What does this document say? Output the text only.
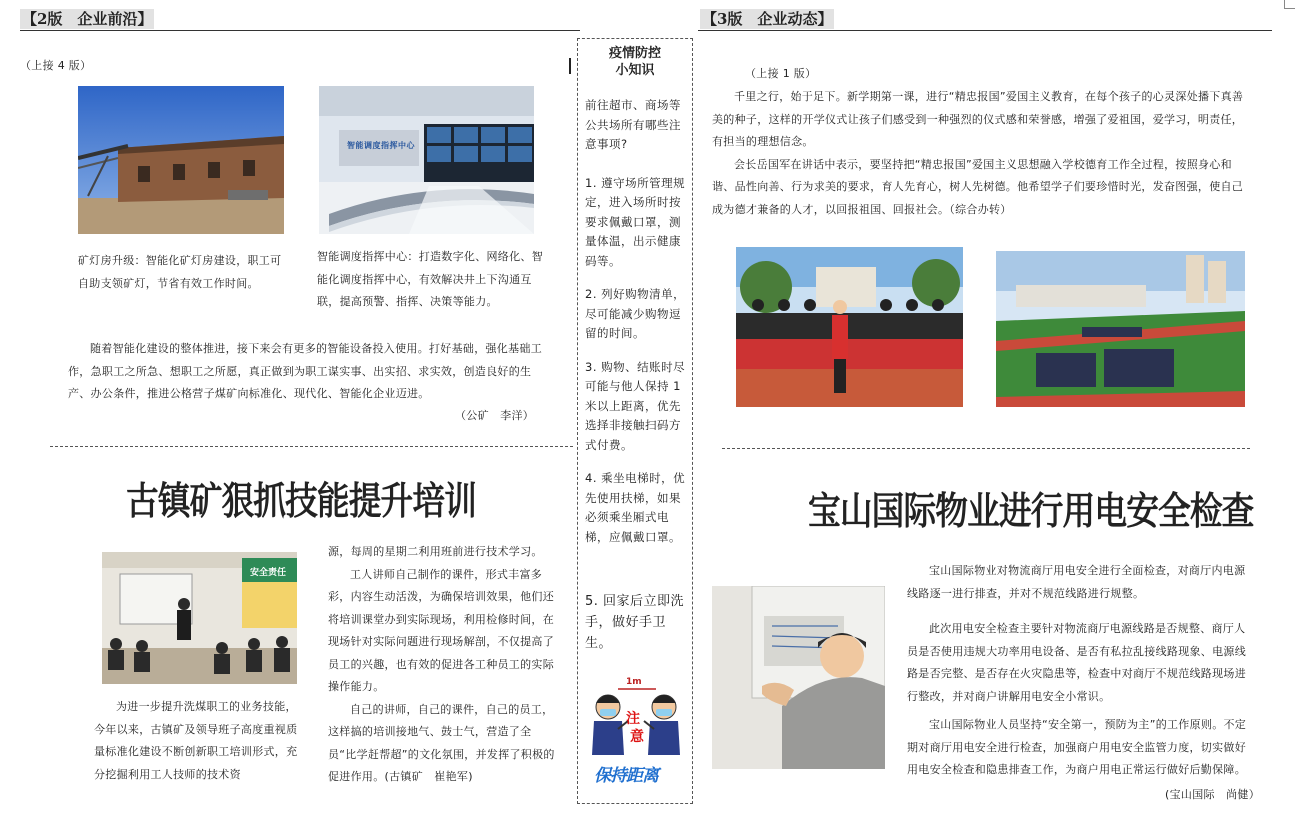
【2版　企业前沿】	【3版　企业动态】
（上接 4 版）
智能调度指挥中心
矿灯房升级：智能化矿灯房建设，职工可自助支领矿灯，节省有效工作时间。
智能调度指挥中心：打造数字化、网络化、智能化调度指挥中心，有效解决井上下沟通互联，提高预警、指挥、决策等能力。

随着智能化建设的整体推进，接下来会有更多的智能设备投入使用。打好基础，强化基础工作，急职工之所急、想职工之所愿，真正做到为职工谋实事、出实招、求实效，创造良好的生产、办公条件，推进公格营子煤矿向标准化、现代化、智能化企业迈进。

（公矿　李洋）
古镇矿狠抓技能提升培训
安全责任

为进一步提升洗煤职工的业务技能，今年以来，古镇矿及领导班子高度重视质量标准化建设不断创新职工培训形式，充分挖掘利用工人技师的技术资

源，每周的星期二利用班前进行技术学习。

工人讲师自己制作的课件，形式丰富多彩，内容生动活泼，为确保培训效果，他们还将培训课堂办到实际现场，利用检修时间，在现场针对实际问题进行现场解剖，不仅提高了员工的兴趣，也有效的促进各工种员工的实际操作能力。

自己的讲师，自己的课件，自己的员工，这样搞的培训接地气、鼓士气，营造了全员“比学赶帮超”的文化氛围，并发挥了积极的促进作用。(古镇矿　崔艳军)

疫情防控
小知识

前往超市、商场等公共场所有哪些注意事项?

1. 遵守场所管理规定，进入场所时按要求佩戴口罩，测量体温，出示健康码等。

2. 列好购物清单，尽可能减少购物逗留的时间。

3. 购物、结账时尽可能与他人保持 1 米以上距离，优先选择非接触扫码方式付费。

4. 乘坐电梯时，优先使用扶梯，如果必须乘坐厢式电梯，应佩戴口罩。

5. 回家后立即洗手，做好手卫生。

1m
注
意
保持距离
（上接 1 版）

千里之行，始于足下。新学期第一课，进行“精忠报国”爱国主义教育，在每个孩子的心灵深处播下真善美的种子，这样的开学仪式让孩子们感受到一种强烈的仪式感和荣誉感，增强了爱祖国，爱学习，明责任，有担当的理想信念。

会长岳国军在讲话中表示，要坚持把“精忠报国”爱国主义思想融入学校德育工作全过程，按照身心和谐、品性向善、行为求美的要求，育人先育心，树人先树德。他希望学子们要珍惜时光，发奋图强，使自己成为德才兼备的人才，以回报祖国、回报社会。（综合办转）

宝山国际物业进行用电安全检查

宝山国际物业对物流商厅用电安全进行全面检查，对商厅内电源线路逐一进行排查，并对不规范线路进行规整。

此次用电安全检查主要针对物流商厅电源线路是否规整、商厅人员是否使用违规大功率用电设备、是否有私拉乱接线路现象、电源线路是否完整、是否存在火灾隐患等，检查中对商厅不规范线路现场进行整改，并对商户讲解用电安全小常识。

宝山国际物业人员坚持“安全第一，预防为主”的工作原则。不定期对商厅用电安全进行检查，加强商户用电安全监管力度，切实做好用电安全检查和隐患排查工作，为商户用电正常运行做好后勤保障。

(宝山国际　尚健）
